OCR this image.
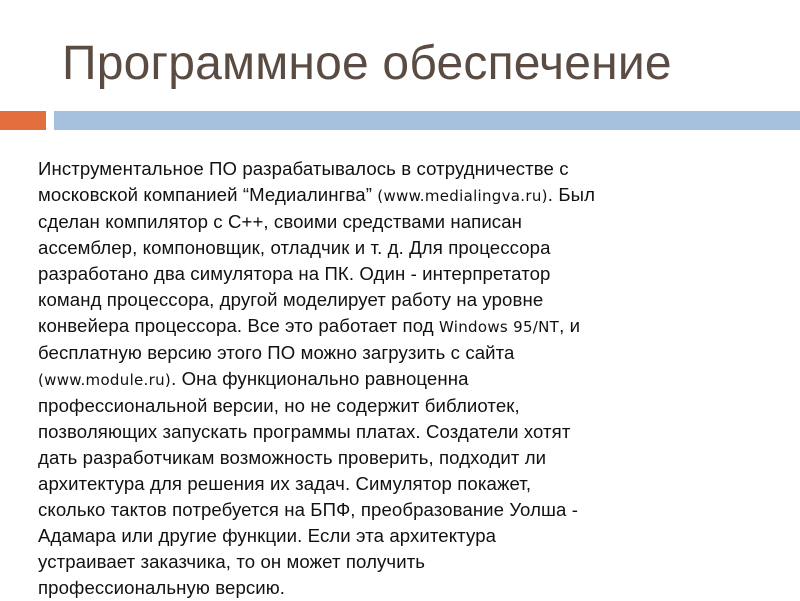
Программное обеспечение

Инструментальное ПО разрабатывалось в сотрудничестве с

московской компанией “Медиалингва” (www.medialingva.ru). Был

сделан компилятор с С++, своими средствами написан

ассемблер, компоновщик, отладчик и т. д. Для процессора

разработано два симулятора на ПК. Один - интерпретатор

команд процессора, другой моделирует работу на уровне

конвейера процессора. Все это работает под Windows 95/NT, и

бесплатную версию этого ПО можно загрузить с сайта

(www.module.ru). Она функционально равноценна

профессиональной версии, но не содержит библиотек,

позволяющих запускать программы платах. Создатели хотят

дать разработчикам возможность проверить, подходит ли

архитектура для решения их задач. Симулятор покажет,

сколько тактов потребуется на БПФ, преобразование Уолша -

Адамара или другие функции. Если эта архитектура

устраивает заказчика, то он может получить

профессиональную версию.
